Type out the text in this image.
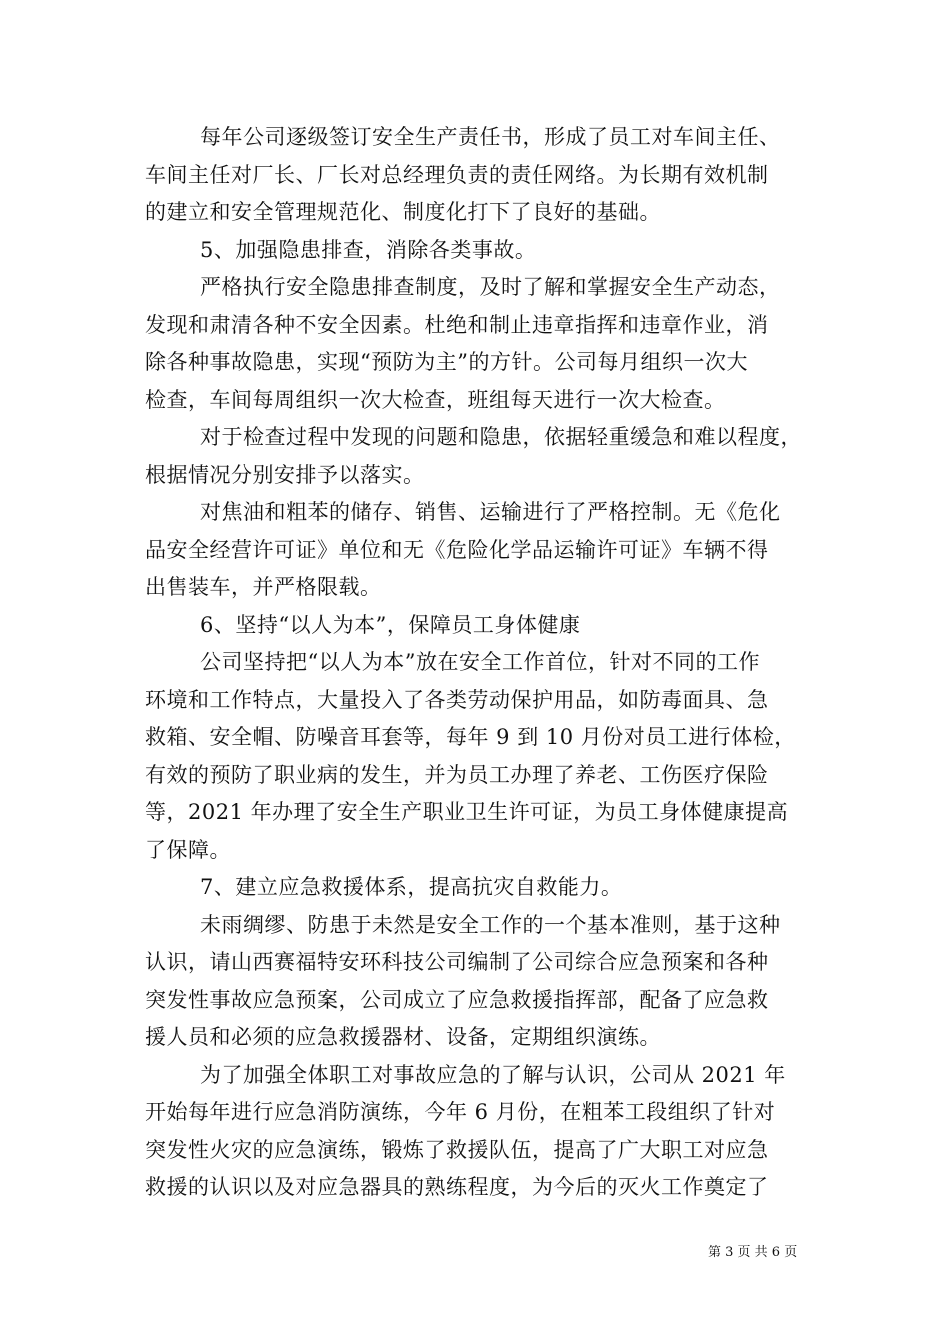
每年公司逐级签订安全生产责任书，形成了员工对车间主任、
车间主任对厂长、厂长对总经理负责的责任网络。为长期有效机制
的建立和安全管理规范化、制度化打下了良好的基础。
5、加强隐患排查，消除各类事故。
严格执行安全隐患排查制度，及时了解和掌握安全生产动态，
发现和肃清各种不安全因素。杜绝和制止违章指挥和违章作业，消
除各种事故隐患，实现“预防为主”的方针。公司每月组织一次大
检查，车间每周组织一次大检查，班组每天进行一次大检查。
对于检查过程中发现的问题和隐患，依据轻重缓急和难以程度，
根据情况分别安排予以落实。
对焦油和粗苯的储存、销售、运输进行了严格控制。无《危化
品安全经营许可证》单位和无《危险化学品运输许可证》车辆不得
出售装车，并严格限载。
6、坚持“以人为本”，保障员工身体健康
公司坚持把“以人为本”放在安全工作首位，针对不同的工作
环境和工作特点，大量投入了各类劳动保护用品，如防毒面具、急
救箱、安全帽、防噪音耳套等，每年 9 到 10 月份对员工进行体检，
有效的预防了职业病的发生，并为员工办理了养老、工伤医疗保险
等，2021 年办理了安全生产职业卫生许可证，为员工身体健康提高
了保障。
7、建立应急救援体系，提高抗灾自救能力。
未雨绸缪、防患于未然是安全工作的一个基本准则，基于这种
认识，请山西赛福特安环科技公司编制了公司综合应急预案和各种
突发性事故应急预案，公司成立了应急救援指挥部，配备了应急救
援人员和必须的应急救援器材、设备，定期组织演练。
为了加强全体职工对事故应急的了解与认识，公司从 2021 年
开始每年进行应急消防演练，今年 6 月份，在粗苯工段组织了针对
突发性火灾的应急演练，锻炼了救援队伍，提高了广大职工对应急
救援的认识以及对应急器具的熟练程度，为今后的灭火工作奠定了
第 3 页 共 6 页
